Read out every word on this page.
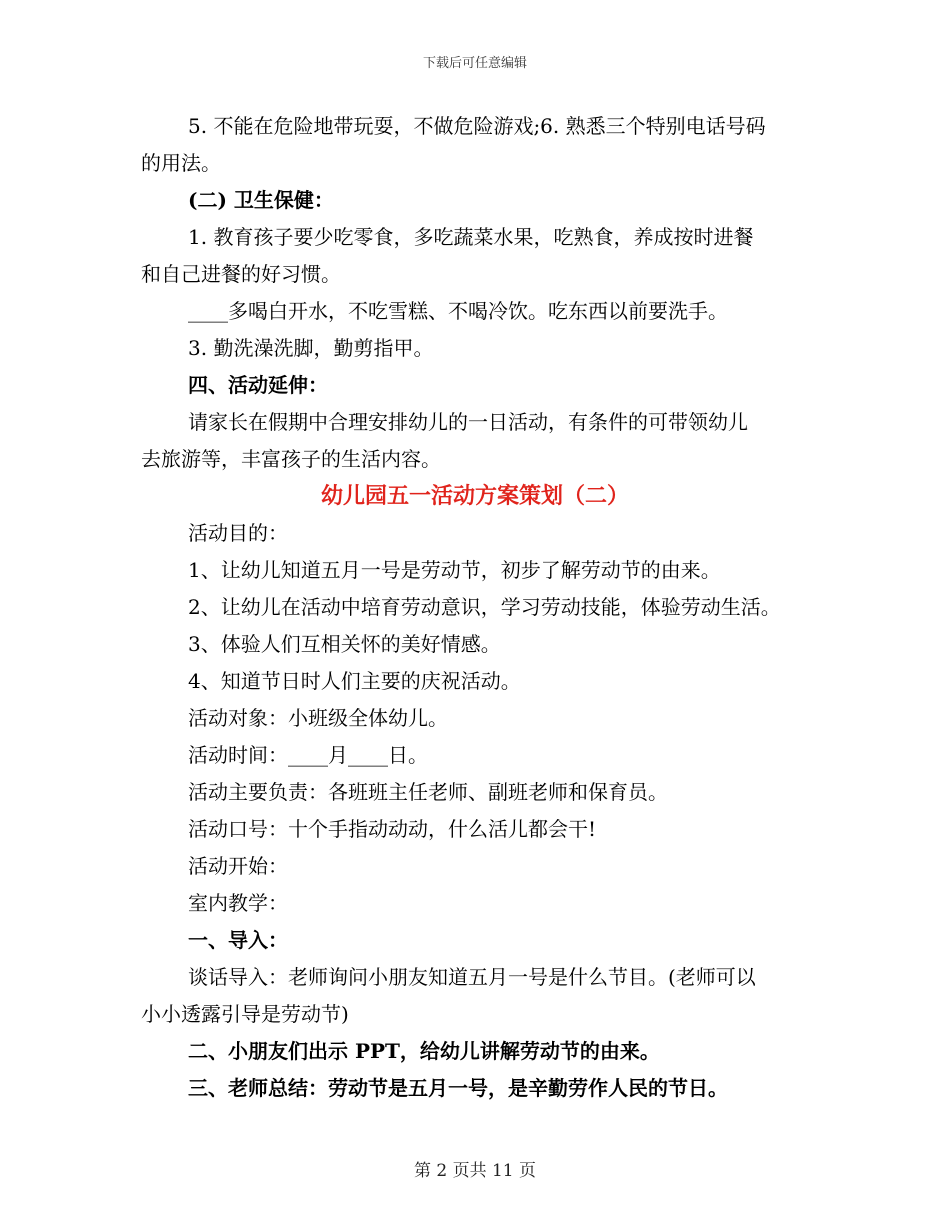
下载后可任意编辑

5. 不能在危险地带玩耍，不做危险游戏;6. 熟悉三个特别电话号码

的用法。

(二) 卫生保健：

1. 教育孩子要少吃零食，多吃蔬菜水果，吃熟食，养成按时进餐

和自己进餐的好习惯。

____多喝白开水，不吃雪糕、不喝冷饮。吃东西以前要洗手。

3. 勤洗澡洗脚，勤剪指甲。

四、活动延伸：

请家长在假期中合理安排幼儿的一日活动，有条件的可带领幼儿

去旅游等，丰富孩子的生活内容。

幼儿园五一活动方案策划（二）

活动目的：

1、让幼儿知道五月一号是劳动节，初步了解劳动节的由来。

2、让幼儿在活动中培育劳动意识，学习劳动技能，体验劳动生活。

3、体验人们互相关怀的美好情感。

4、知道节日时人们主要的庆祝活动。

活动对象：小班级全体幼儿。

活动时间：____月____日。

活动主要负责：各班班主任老师、副班老师和保育员。

活动口号：十个手指动动动，什么活儿都会干!

活动开始：

室内教学：

一、导入：

谈话导入：老师询问小朋友知道五月一号是什么节目。(老师可以

小小透露引导是劳动节)

二、小朋友们出示 PPT，给幼儿讲解劳动节的由来。

三、老师总结：劳动节是五月一号，是辛勤劳作人民的节日。

第 2 页共 11 页
